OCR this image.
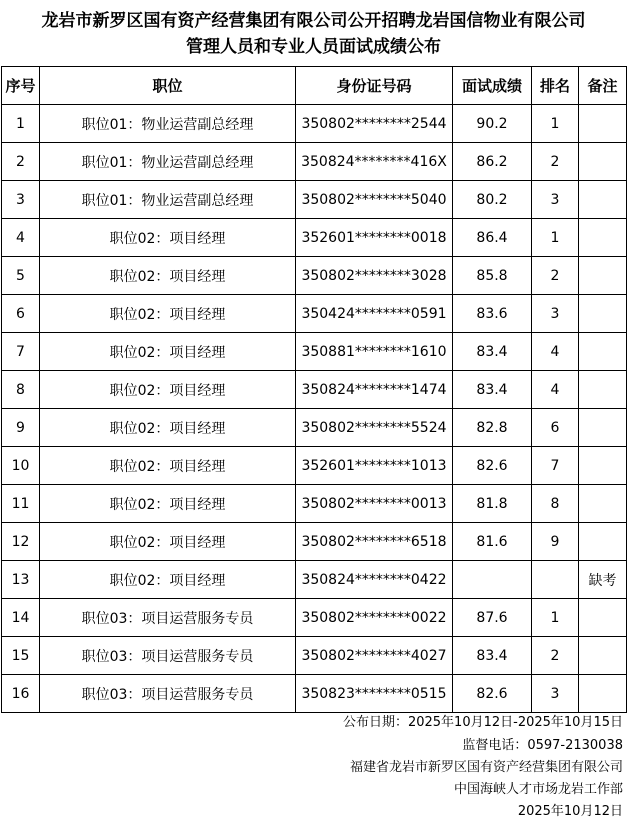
龙岩市新罗区国有资产经营集团有限公司公开招聘龙岩国信物业有限公司
管理人员和专业人员面试成绩公布
序号	职位	身份证号码	面试成绩	排名	备注
1	职位01：物业运营副总经理	350802********2544	90.2	1	
2	职位01：物业运营副总经理	350824********416X	86.2	2	
3	职位01：物业运营副总经理	350802********5040	80.2	3	
4	职位02：项目经理	352601********0018	86.4	1	
5	职位02：项目经理	350802********3028	85.8	2	
6	职位02：项目经理	350424********0591	83.6	3	
7	职位02：项目经理	350881********1610	83.4	4	
8	职位02：项目经理	350824********1474	83.4	4	
9	职位02：项目经理	350802********5524	82.8	6	
10	职位02：项目经理	352601********1013	82.6	7	
11	职位02：项目经理	350802********0013	81.8	8	
12	职位02：项目经理	350802********6518	81.6	9	
13	职位02：项目经理	350824********0422			缺考
14	职位03：项目运营服务专员	350802********0022	87.6	1	
15	职位03：项目运营服务专员	350802********4027	83.4	2	
16	职位03：项目运营服务专员	350823********0515	82.6	3	
公布日期：2025年10月12日-2025年10月15日
监督电话：0597-2130038
福建省龙岩市新罗区国有资产经营集团有限公司
中国海峡人才市场龙岩工作部
2025年10月12日
